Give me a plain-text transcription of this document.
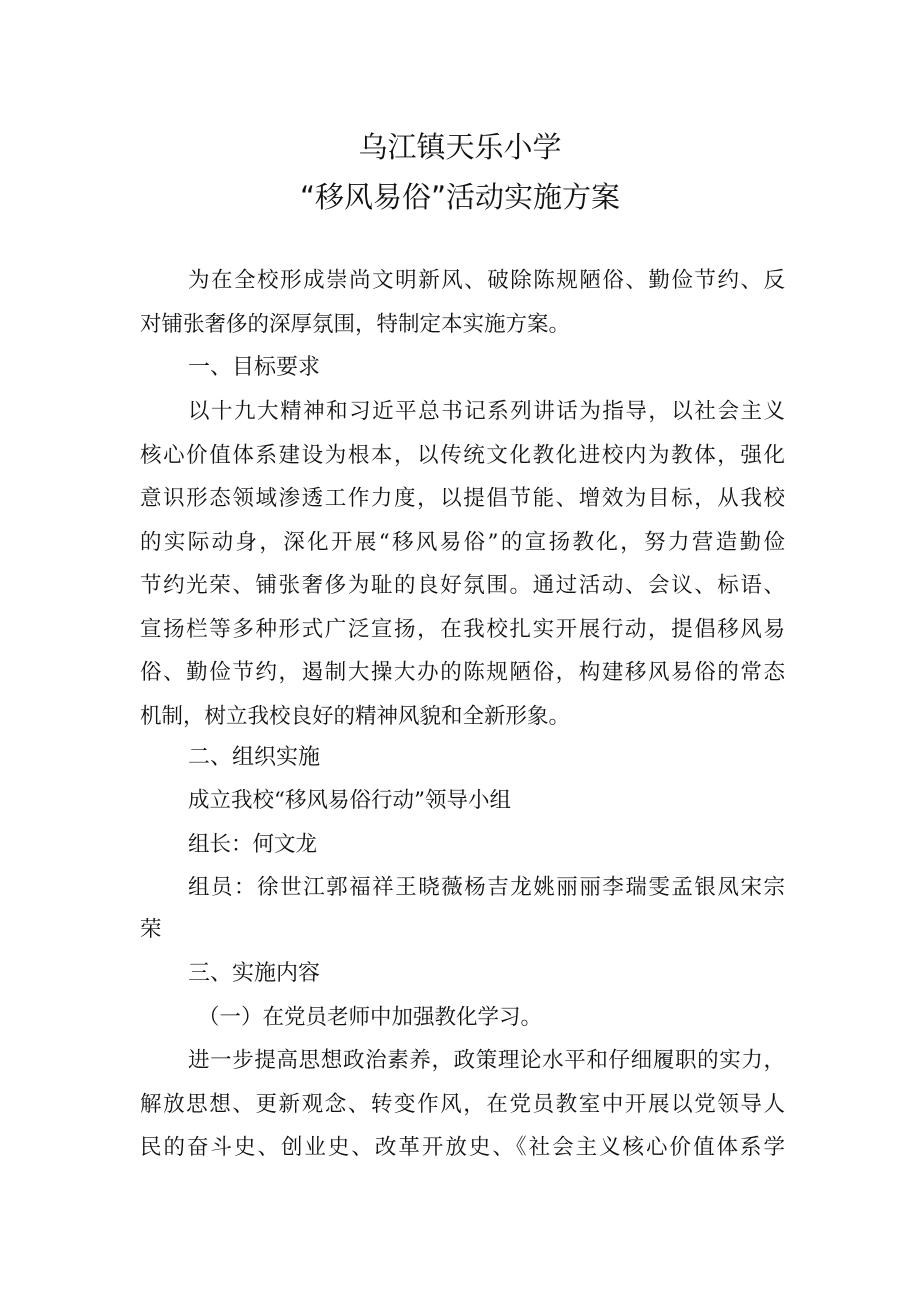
乌江镇天乐小学
“移风易俗”活动实施方案
为在全校形成崇尚文明新风、破除陈规陋俗、勤俭节约、反
对铺张奢侈的深厚氛围，特制定本实施方案。
一、目标要求
以十九大精神和习近平总书记系列讲话为指导，以社会主义
核心价值体系建设为根本，以传统文化教化进校内为教体，强化
意识形态领域渗透工作力度，以提倡节能、增效为目标，从我校
的实际动身，深化开展“移风易俗”的宣扬教化，努力营造勤俭
节约光荣、铺张奢侈为耻的良好氛围。通过活动、会议、标语、
宣扬栏等多种形式广泛宣扬，在我校扎实开展行动，提倡移风易
俗、勤俭节约，遏制大操大办的陈规陋俗，构建移风易俗的常态
机制，树立我校良好的精神风貌和全新形象。
二、组织实施
成立我校“移风易俗行动”领导小组
组长：何文龙
组员：徐世江郭福祥王晓薇杨吉龙姚丽丽李瑞雯孟银凤宋宗
荣
三、实施内容
（一）在党员老师中加强教化学习。
进一步提高思想政治素养，政策理论水平和仔细履职的实力，
解放思想、更新观念、转变作风，在党员教室中开展以党领导人
民的奋斗史、创业史、改革开放史、《社会主义核心价值体系学
